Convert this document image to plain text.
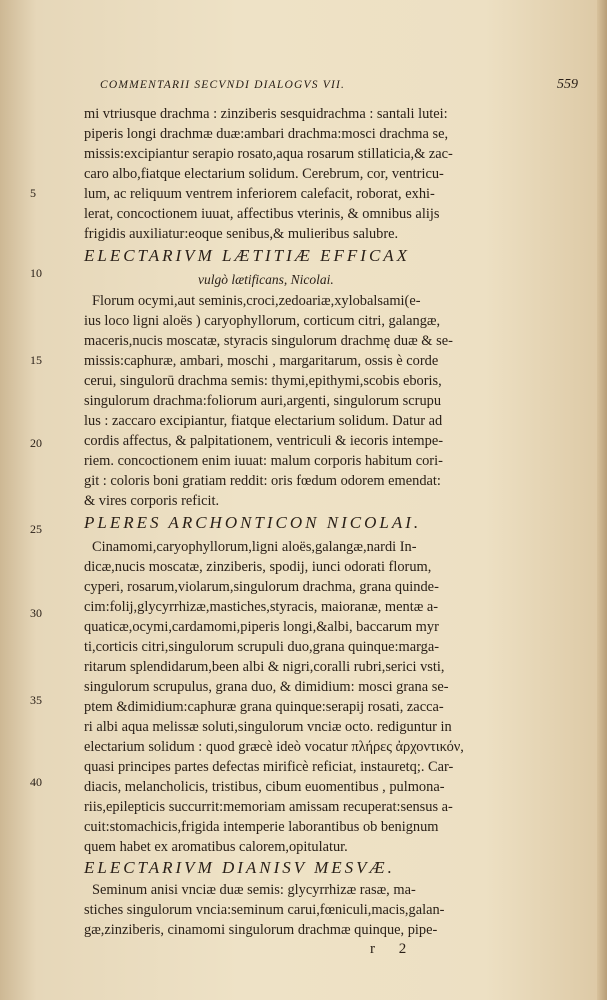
COMMENTARII SECVNDI DIALOGVS VII.	559
mi vtriusque drachma : zinziberis sesquidrachma : santali lutei:
piperis longi drachmæ duæ:ambari drachma:mosci drachma se,
missis:excipiantur serapio rosato,aqua rosarum stillaticia,& zac-
caro albo,fiatque electarium solidum. Cerebrum, cor, ventricu-
lum, ac reliquum ventrem inferiorem calefacit, roborat, exhi-
lerat, concoctionem iuuat, affectibus vterinis, & omnibus alijs
frigidis auxiliatur:eoque senibus,& mulieribus salubre.
ELECTARIVM LÆTITIÆ EFFICAX
vulgò lætificans, Nicolai.
Florum ocymi,aut seminis,croci,zedoariæ,xylobalsami(e-
ius loco ligni aloës ) caryophyllorum, corticum citri, galangæ,
maceris,nucis moscatæ, styracis singulorum drachmę duæ & se-
missis:caphuræ, ambari, moschi , margaritarum, ossis è corde
cerui, singulorū drachma semis: thymi,epithymi,scobis eboris,
singulorum drachma:foliorum auri,argenti, singulorum scrupu
lus : zaccaro excipiantur, fiatque electarium solidum. Datur ad
cordis affectus, & palpitationem, ventriculi & iecoris intempe-
riem. concoctionem enim iuuat: malum corporis habitum cori-
git : coloris boni gratiam reddit: oris fœdum odorem emendat:
& vires corporis reficit.
PLERES ARCHONTICON NICOLAI.
Cinamomi,caryophyllorum,ligni aloës,galangæ,nardi In-
dicæ,nucis moscatæ, zinziberis, spodij, iunci odorati florum,
cyperi, rosarum,violarum,singulorum drachma, grana quinde-
cim:folij,glycyrrhizæ,mastiches,styracis, maioranæ, mentæ a-
quaticæ,ocymi,cardamomi,piperis longi,&albi, baccarum myr
ti,corticis citri,singulorum scrupuli duo,grana quinque:marga-
ritarum splendidarum,been albi & nigri,coralli rubri,serici vsti,
singulorum scrupulus, grana duo, & dimidium: mosci grana se-
ptem &dimidium:caphuræ grana quinque:serapij rosati, zacca-
ri albi aqua melissæ soluti,singulorum vnciæ octo. rediguntur in
electarium solidum : quod græcè ideò vocatur πλήρες ἀρχοντικόν,
quasi principes partes defectas mirificè reficiat, instauretq;. Car-
diacis, melancholicis, tristibus, cibum euomentibus , pulmona-
riis,epilepticis succurrit:memoriam amissam recuperat:sensus a-
cuit:stomachicis,frigida intemperie laborantibus ob benignum
quem habet ex aromatibus calorem,opitulatur.
ELECTARIVM DIANISV MESVÆ.
Seminum anisi vnciæ duæ semis: glycyrrhizæ rasæ, ma-
stiches singulorum vncia:seminum carui,fœniculi,macis,galan-
gæ,zinziberis, cinamomi singulorum drachmæ quinque, pipe-
5
10
15
20
25
30
35
40
r 2
